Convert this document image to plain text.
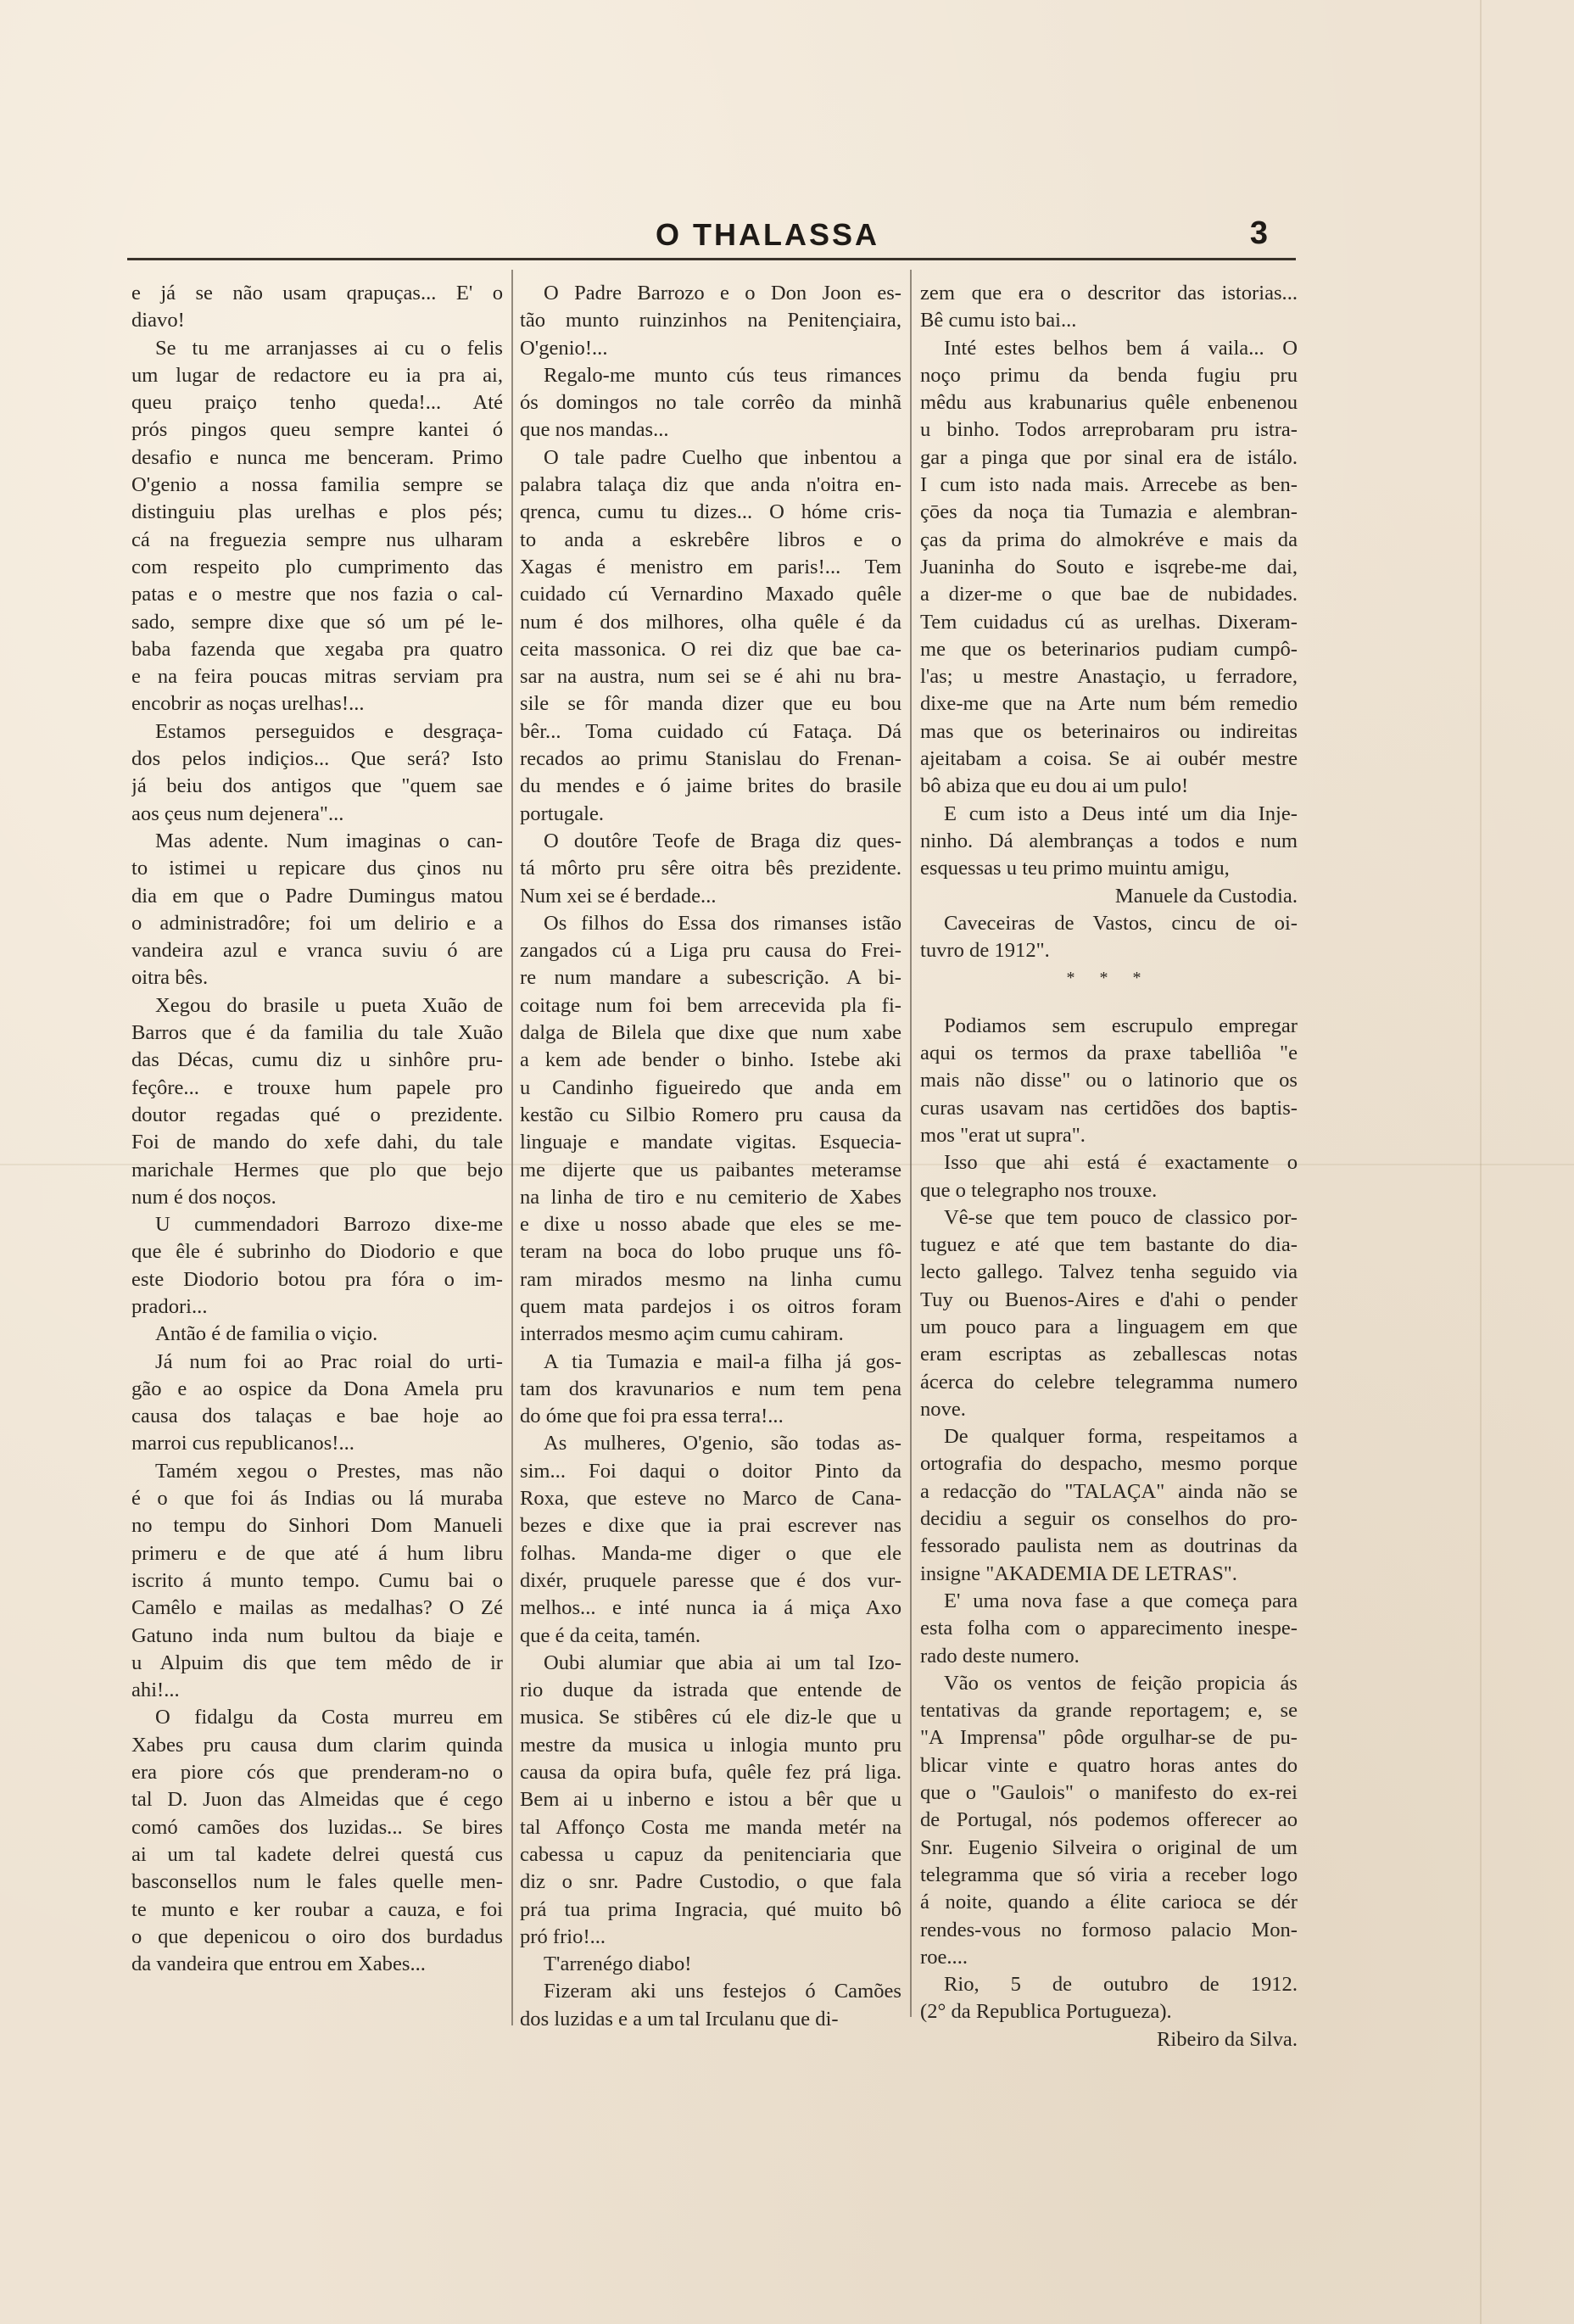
O THALASSA	3
e já se não usam qrapuças... E' o
diavo!
Se tu me arranjasses ai cu o felis
um lugar de redactore eu ia pra ai,
queu praiço tenho queda!... Até
prós pingos queu sempre kantei ó
desafio e nunca me benceram. Primo
O'genio a nossa familia sempre se
distinguiu plas urelhas e plos pés;
cá na freguezia sempre nus ulharam
com respeito plo cumprimento das
patas e o mestre que nos fazia o cal-
sado, sempre dixe que só um pé le-
baba fazenda que xegaba pra quatro
e na feira poucas mitras serviam pra
encobrir as noças urelhas!...
Estamos perseguidos e desgraça-
dos pelos indiçios... Que será? Isto
já beiu dos antigos que "quem sae
aos çeus num dejenera"...
Mas adente. Num imaginas o can-
to istimei u repicare dus çinos nu
dia em que o Padre Dumingus matou
o administradôre; foi um delirio e a
vandeira azul e vranca suviu ó are
oitra bês.
Xegou do brasile u pueta Xuão de
Barros que é da familia du tale Xuão
das Décas, cumu diz u sinhôre pru-
feçôre... e trouxe hum papele pro
doutor regadas qué o prezidente.
Foi de mando do xefe dahi, du tale
marichale Hermes que plo que bejo
num é dos noços.
U cummendadori Barrozo dixe-me
que êle é subrinho do Diodorio e que
este Diodorio botou pra fóra o im-
pradori...
Antão é de familia o viçio.
Já num foi ao Prac roial do urti-
gão e ao ospice da Dona Amela pru
causa dos talaças e bae hoje ao
marroi cus republicanos!...
Tamém xegou o Prestes, mas não
é o que foi ás Indias ou lá muraba
no tempu do Sinhori Dom Manueli
primeru e de que até á hum libru
iscrito á munto tempo. Cumu bai o
Camêlo e mailas as medalhas? O Zé
Gatuno inda num bultou da biaje e
u Alpuim dis que tem mêdo de ir
ahi!...
O fidalgu da Costa murreu em
Xabes pru causa dum clarim quinda
era piore cós que prenderam-no o
tal D. Juon das Almeidas que é cego
comó camões dos luzidas... Se bires
ai um tal kadete delrei questá cus
basconsellos num le fales quelle men-
te munto e ker roubar a cauza, e foi
o que depenicou o oiro dos burdadus
da vandeira que entrou em Xabes...
O Padre Barrozo e o Don Joon es-
tão munto ruinzinhos na Penitençiaira,
O'genio!...
Regalo-me munto cús teus rimances
ós domingos no tale corrêo da minhã
que nos mandas...
O tale padre Cuelho que inbentou a
palabra talaça diz que anda n'oitra en-
qrenca, cumu tu dizes... O hóme cris-
to anda a eskrebêre libros e o
Xagas é menistro em paris!... Tem
cuidado cú Vernardino Maxado quêle
num é dos milhores, olha quêle é da
ceita massonica. O rei diz que bae ca-
sar na austra, num sei se é ahi nu bra-
sile se fôr manda dizer que eu bou
bêr... Toma cuidado cú Fataça. Dá
recados ao primu Stanislau do Frenan-
du mendes e ó jaime brites do brasile
portugale.
O doutôre Teofe de Braga diz ques-
tá môrto pru sêre oitra bês prezidente.
Num xei se é berdade...
Os filhos do Essa dos rimanses istão
zangados cú a Liga pru causa do Frei-
re num mandare a subescrição. A bi-
coitage num foi bem arrecevida pla fi-
dalga de Bilela que dixe que num xabe
a kem ade bender o binho. Istebe aki
u Candinho figueiredo que anda em
kestão cu Silbio Romero pru causa da
linguaje e mandate vigitas. Esquecia-
me dijerte que us paibantes meteramse
na linha de tiro e nu cemiterio de Xabes
e dixe u nosso abade que eles se me-
teram na boca do lobo pruque uns fô-
ram mirados mesmo na linha cumu
quem mata pardejos i os oitros foram
interrados mesmo açim cumu cahiram.
A tia Tumazia e mail-a filha já gos-
tam dos kravunarios e num tem pena
do óme que foi pra essa terra!...
As mulheres, O'genio, são todas as-
sim... Foi daqui o doitor Pinto da
Roxa, que esteve no Marco de Cana-
bezes e dixe que ia prai escrever nas
folhas. Manda-me diger o que ele
dixér, pruquele paresse que é dos vur-
melhos... e inté nunca ia á miça Axo
que é da ceita, tamén.
Oubi alumiar que abia ai um tal Izo-
rio duque da istrada que entende de
musica. Se stibêres cú ele diz-le que u
mestre da musica u inlogia munto pru
causa da opira bufa, quêle fez prá liga.
Bem ai u inberno e istou a bêr que u
tal Affonço Costa me manda metér na
cabessa u capuz da penitenciaria que
diz o snr. Padre Custodio, o que fala
prá tua prima Ingracia, qué muito bô
pró frio!...
T'arrenégo diabo!
Fizeram aki uns festejos ó Camões
dos luzidas e a um tal Irculanu que di-
zem que era o descritor das istorias...
Bê cumu isto bai...
Inté estes belhos bem á vaila... O
noço primu da benda fugiu pru
mêdu aus krabunarius quêle enbenenou
u binho. Todos arreprobaram pru istra-
gar a pinga que por sinal era de istálo.
I cum isto nada mais. Arrecebe as ben-
çōes da noça tia Tumazia e alembran-
ças da prima do almokréve e mais da
Juaninha do Souto e isqrebe-me dai,
a dizer-me o que bae de nubidades.
Tem cuidadus cú as urelhas. Dixeram-
me que os beterinarios pudiam cumpô-
l'as; u mestre Anastaçio, u ferradore,
dixe-me que na Arte num bém remedio
mas que os beterinairos ou indireitas
ajeitabam a coisa. Se ai oubér mestre
bô abiza que eu dou ai um pulo!
E cum isto a Deus inté um dia Inje-
ninho. Dá alembranças a todos e num
esquessas u teu primo muintu amigu,
Manuele da Custodia.
Caveceiras de Vastos, cincu de oi-
tuvro de 1912".
* * *
Podiamos sem escrupulo empregar
aqui os termos da praxe tabelliôa "e
mais não disse" ou o latinorio que os
curas usavam nas certidões dos baptis-
mos "erat ut supra".
Isso que ahi está é exactamente o
que o telegrapho nos trouxe.
Vê-se que tem pouco de classico por-
tuguez e até que tem bastante do dia-
lecto gallego. Talvez tenha seguido via
Tuy ou Buenos-Aires e d'ahi o pender
um pouco para a linguagem em que
eram escriptas as zeballescas notas
ácerca do celebre telegramma numero
nove.
De qualquer forma, respeitamos a
ortografia do despacho, mesmo porque
a redacção do "TALAÇA" ainda não se
decidiu a seguir os conselhos do pro-
fessorado paulista nem as doutrinas da
insigne "AKADEMIA DE LETRAS".
E' uma nova fase a que começa para
esta folha com o apparecimento inespe-
rado deste numero.
Vão os ventos de feição propicia ás
tentativas da grande reportagem; e, se
"A Imprensa" pôde orgulhar-se de pu-
blicar vinte e quatro horas antes do
que o "Gaulois" o manifesto do ex-rei
de Portugal, nós podemos offerecer ao
Snr. Eugenio Silveira o original de um
telegramma que só viria a receber logo
á noite, quando a élite carioca se dér
rendes-vous no formoso palacio Mon-
roe....
Rio, 5 de outubro de 1912.
(2° da Republica Portugueza).
Ribeiro da Silva.
